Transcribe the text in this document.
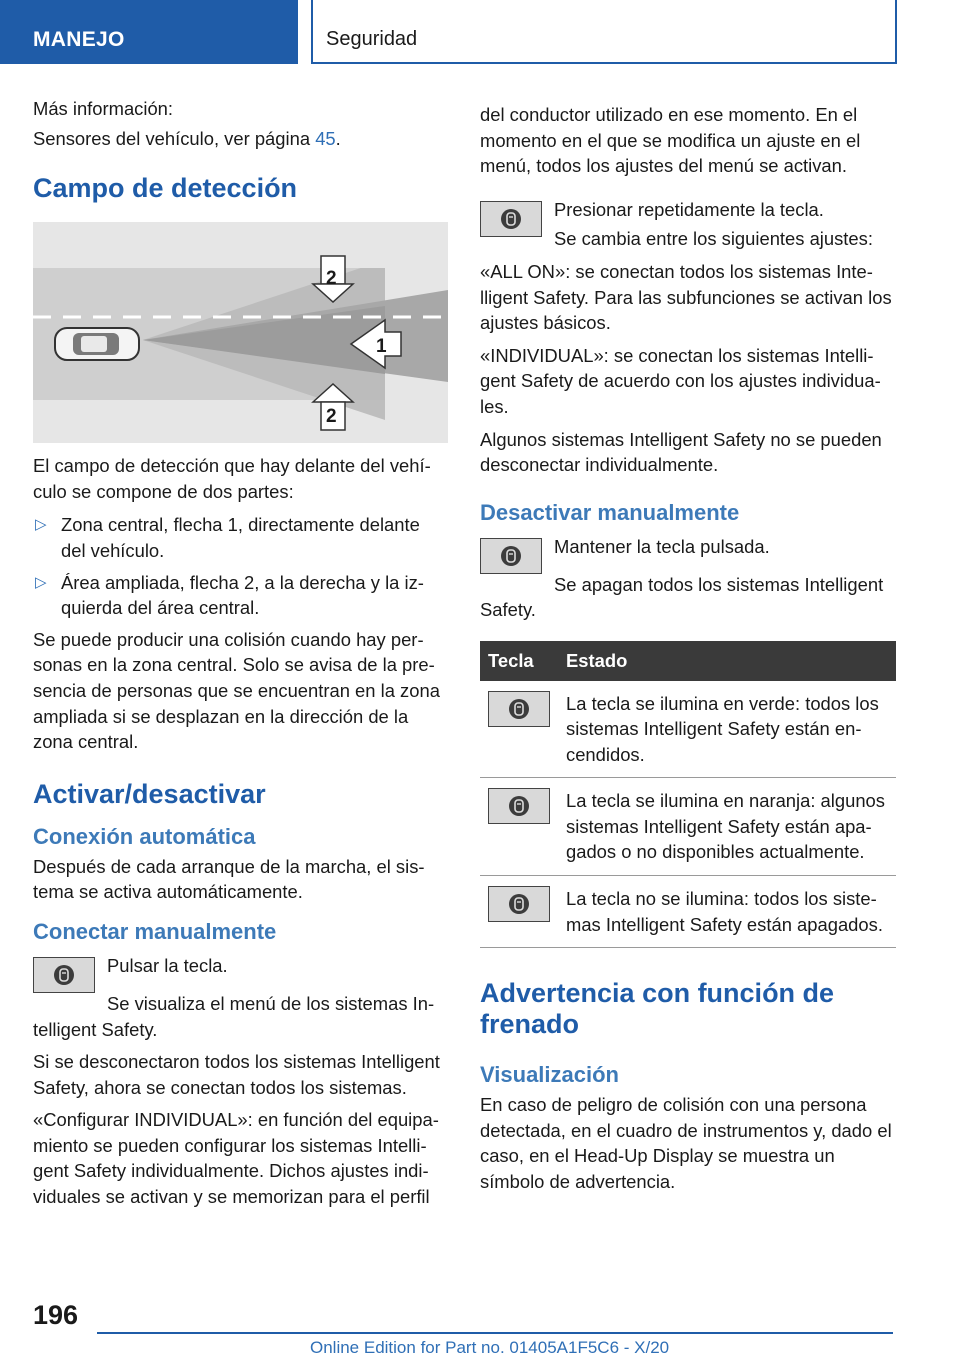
MANEJO	Seguridad

Más información:

Sensores del vehículo, ver página 45.

Campo de detección
1
2
2

El campo de detección que hay delante del vehículo se compone de dos partes:

▷ Zona central, flecha 1, directamente delante del vehículo.
▷ Área ampliada, flecha 2, a la derecha y la izquierda del área central.

Se puede producir una colisión cuando hay personas en la zona central. Solo se avisa de la presencia de personas que se encuentran en la zona ampliada si se desplazan en la dirección de la zona central.

Activar/desactivar
Conexión automática

Después de cada arranque de la marcha, el sistema se activa automáticamente.

Conectar manualmente

Pulsar la tecla.

Se visualiza el menú de los sistemas Intelligent Safety.

Si se desconectaron todos los sistemas Intelligent Safety, ahora se conectan todos los sistemas.

«Configurar INDIVIDUAL»: en función del equipamiento se pueden configurar los sistemas Intelligent Safety individualmente. Dichos ajustes individuales se activan y se memorizan para el perfil

del conductor utilizado en ese momento. En el momento en el que se modifica un ajuste en el menú, todos los ajustes del menú se activan.

Presionar repetidamente la tecla.

Se cambia entre los siguientes ajustes:

«ALL ON»: se conectan todos los sistemas Intelligent Safety. Para las subfunciones se activan los ajustes básicos.

«INDIVIDUAL»: se conectan los sistemas Intelligent Safety de acuerdo con los ajustes individuales.

Algunos sistemas Intelligent Safety no se pueden desconectar individualmente.

Desactivar manualmente

Mantener la tecla pulsada.

Se apagan todos los sistemas Intelligent Safety.

Tecla	Estado

	La tecla se ilumina en verde: todos los sistemas Intelligent Safety están encendidos.

	La tecla se ilumina en naranja: algunos sistemas Intelligent Safety están apagados o no disponibles actualmente.

	La tecla no se ilumina: todos los sistemas Intelligent Safety están apagados.
Advertencia con función de frenado
Visualización

En caso de peligro de colisión con una persona detectada, en el cuadro de instrumentos y, dado el caso, en el Head-Up Display se muestra un símbolo de advertencia.

196
Online Edition for Part no. 01405A1F5C6 - X/20
